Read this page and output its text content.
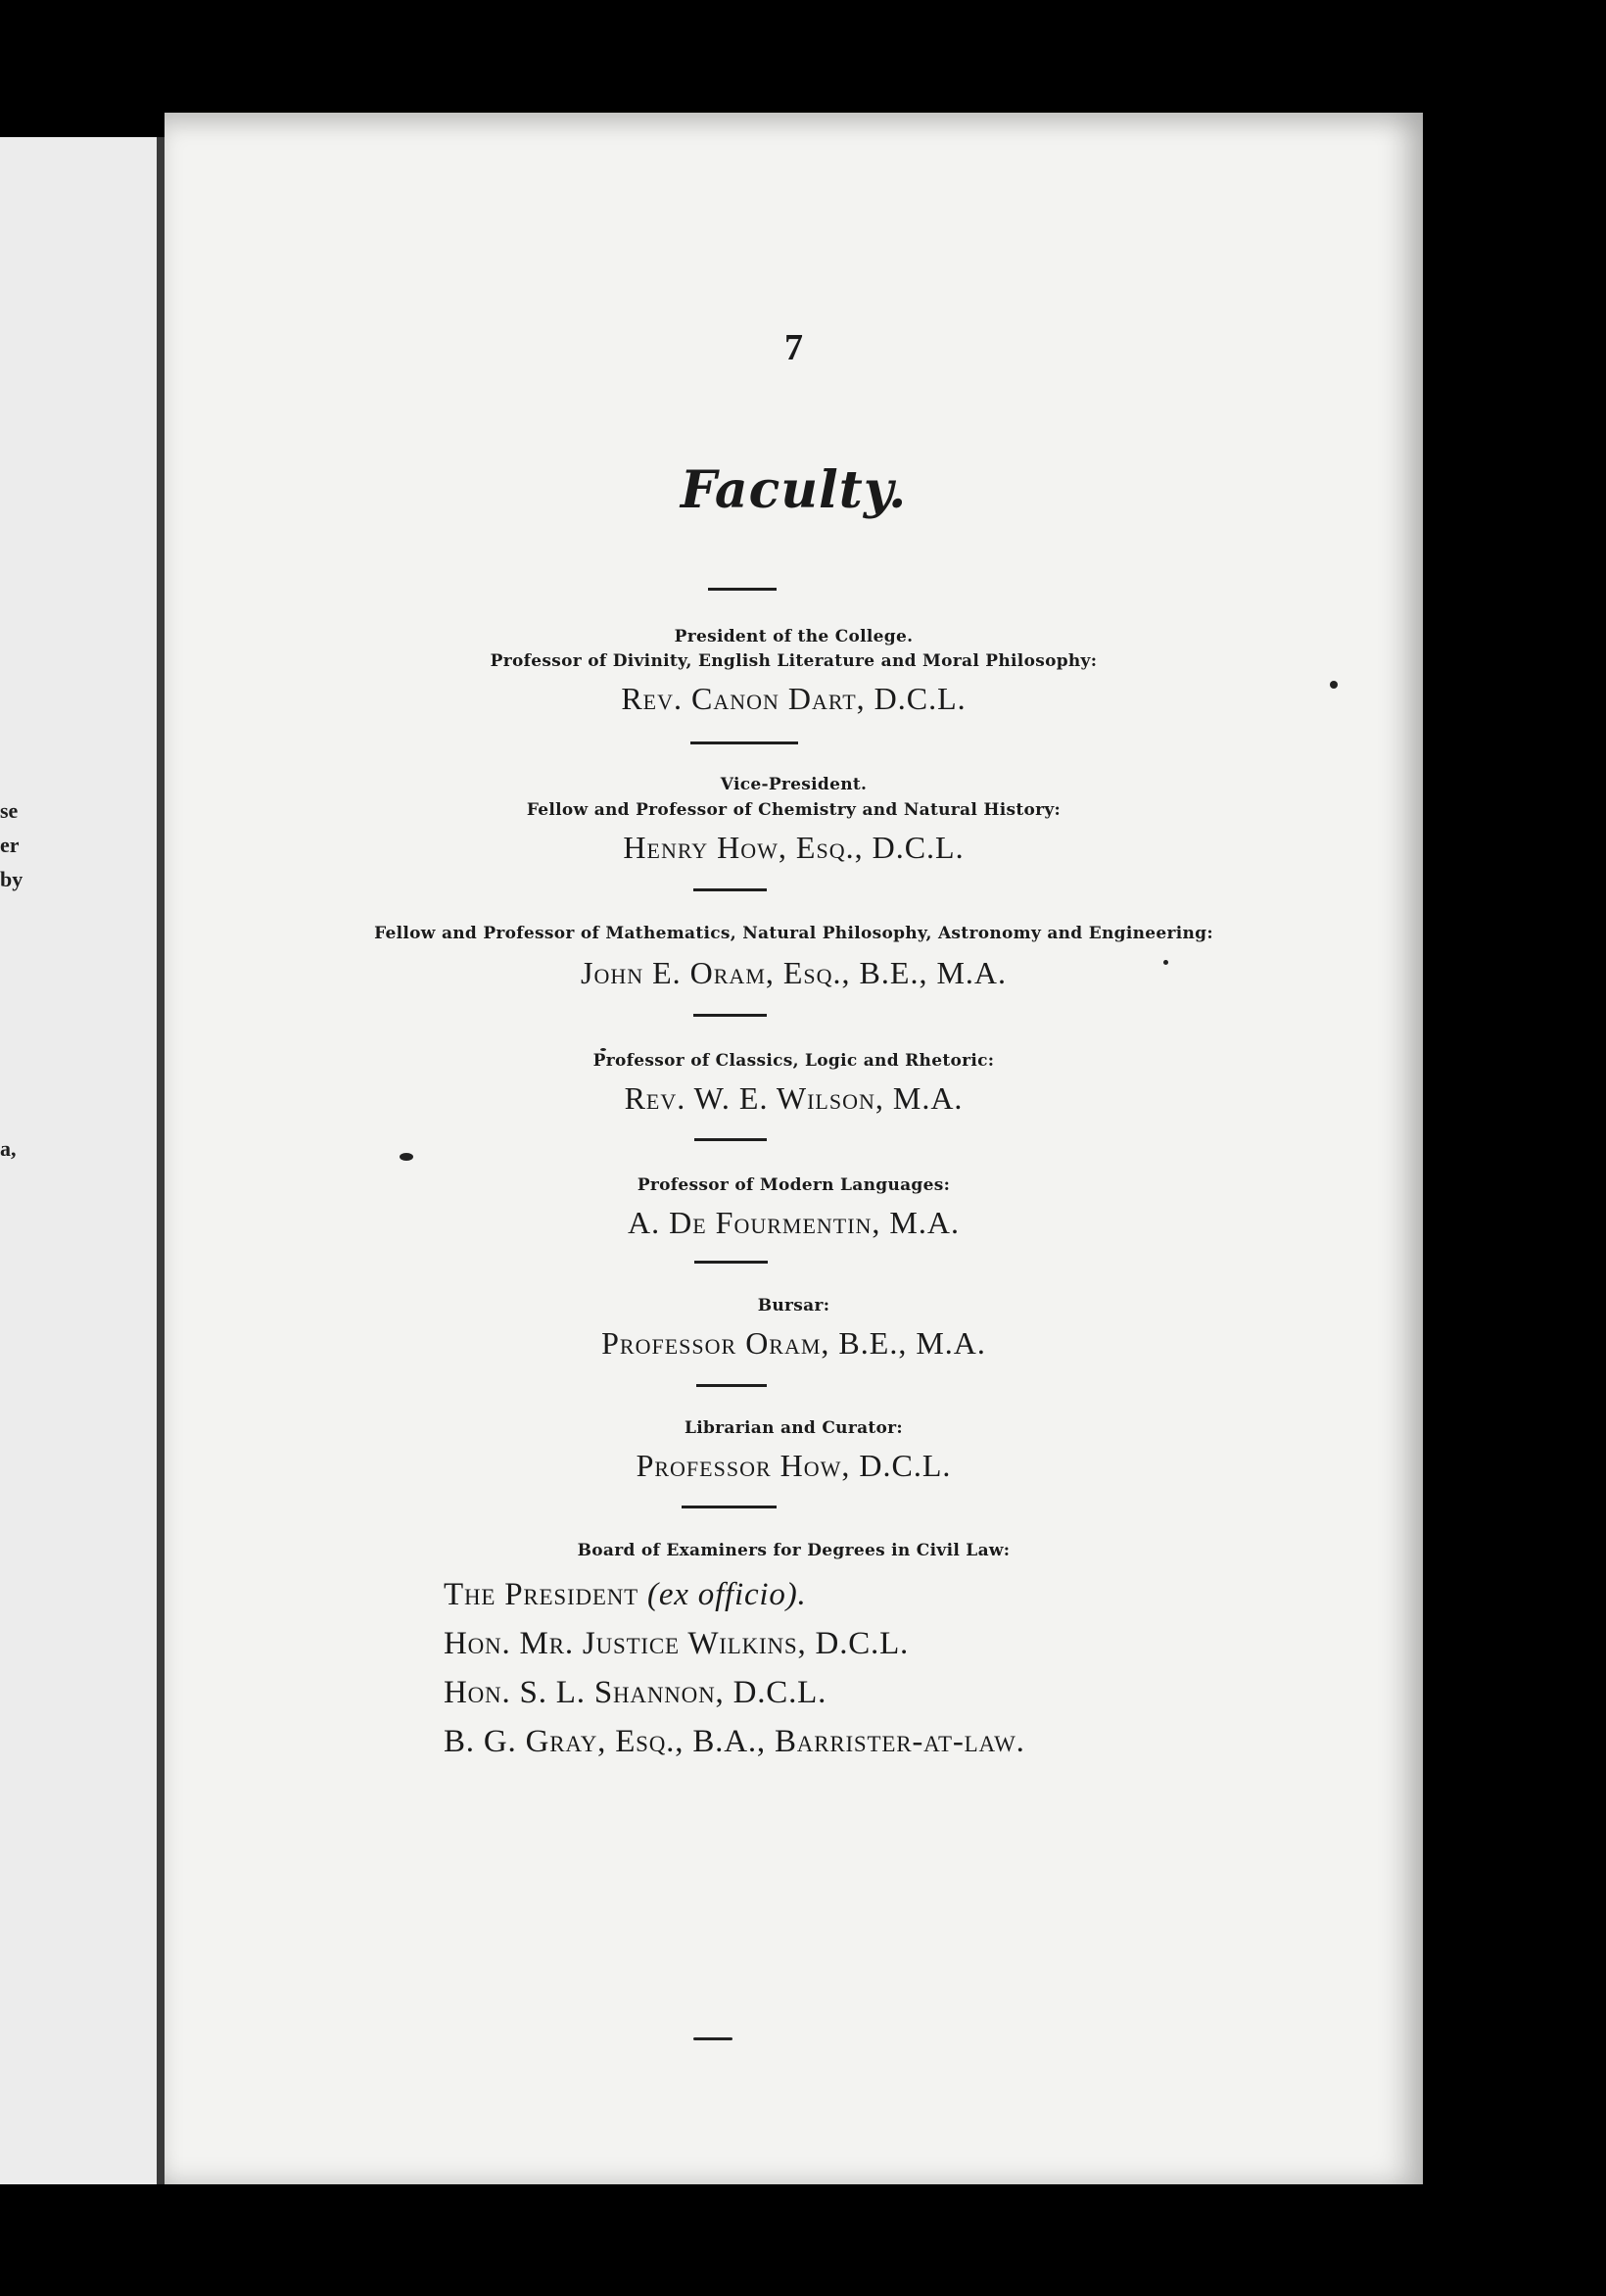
se
er
by
a,
7
Faculty.
President of the College.
Professor of Divinity, English Literature and Moral Philosophy:
Rev. Canon Dart, D.C.L.
Vice-President.
Fellow and Professor of Chemistry and Natural History:
Henry How, Esq., D.C.L.
Fellow and Professor of Mathematics, Natural Philosophy, Astronomy and Engineering:
John E. Oram, Esq., B.E., M.A.
Professor of Classics, Logic and Rhetoric:
Rev. W. E. Wilson, M.A.
Professor of Modern Languages:
A. De Fourmentin, M.A.
Bursar:
Professor Oram, B.E., M.A.
Librarian and Curator:
Professor How, D.C.L.
Board of Examiners for Degrees in Civil Law:
The President (ex officio).
Hon. Mr. Justice Wilkins, D.C.L.
Hon. S. L. Shannon, D.C.L.
B. G. Gray, Esq., B.A., Barrister-at-law.
